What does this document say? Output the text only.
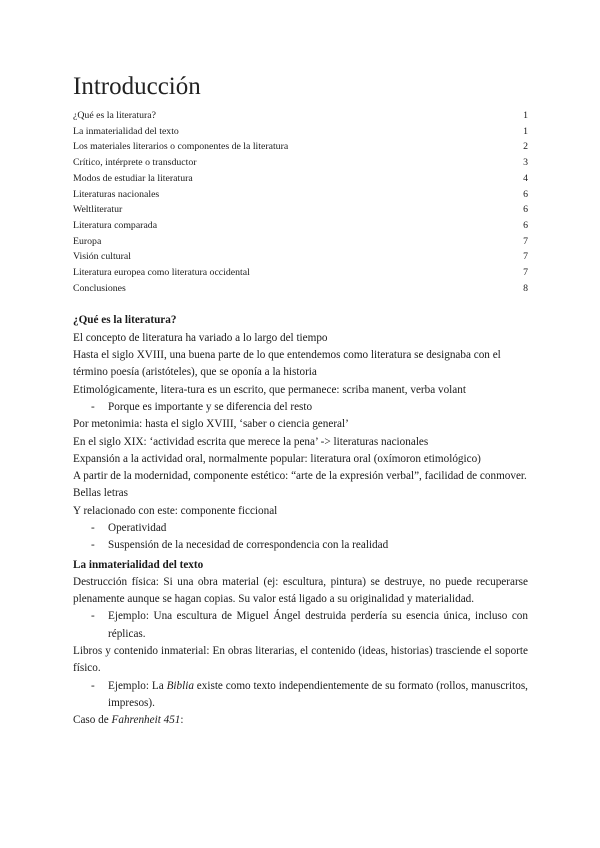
Introducción
¿Qué es la literatura?	1
La inmaterialidad del texto	1
Los materiales literarios o componentes de la literatura	2
Crítico, intérprete o transductor	3
Modos de estudiar la literatura	4
Literaturas nacionales	6
Weltliteratur	6
Literatura comparada	6
Europa	7
Visión cultural	7
Literatura europea como literatura occidental	7
Conclusiones	8

¿Qué es la literatura?

El concepto de literatura ha variado a lo largo del tiempo

Hasta el siglo XVIII, una buena parte de lo que entendemos como literatura se designaba con el término poesía (aristóteles), que se oponía a la historia

Etimológicamente, litera-tura es un escrito, que permanece: scriba manent, verba volant

-	Porque es importante y se diferencia del resto

Por metonimia: hasta el siglo XVIII, ‘saber o ciencia general’

En el siglo XIX: ‘actividad escrita que merece la pena’ -> literaturas nacionales

Expansión a la actividad oral, normalmente popular: literatura oral (oxímoron etimológico)

A partir de la modernidad, componente estético: “arte de la expresión verbal”, facilidad de conmover. Bellas letras

Y relacionado con este: componente ficcional

-	Operatividad
-	Suspensión de la necesidad de correspondencia con la realidad

La inmaterialidad del texto

Destrucción física: Si una obra material (ej: escultura, pintura) se destruye, no puede recuperarse plenamente aunque se hagan copias. Su valor está ligado a su originalidad y materialidad.

-	Ejemplo: Una escultura de Miguel Ángel destruida perdería su esencia única, incluso con réplicas.

Libros y contenido inmaterial: En obras literarias, el contenido (ideas, historias) trasciende el soporte físico.

-	Ejemplo: La Biblia existe como texto independientemente de su formato (rollos, manuscritos, impresos).

Caso de Fahrenheit 451:
